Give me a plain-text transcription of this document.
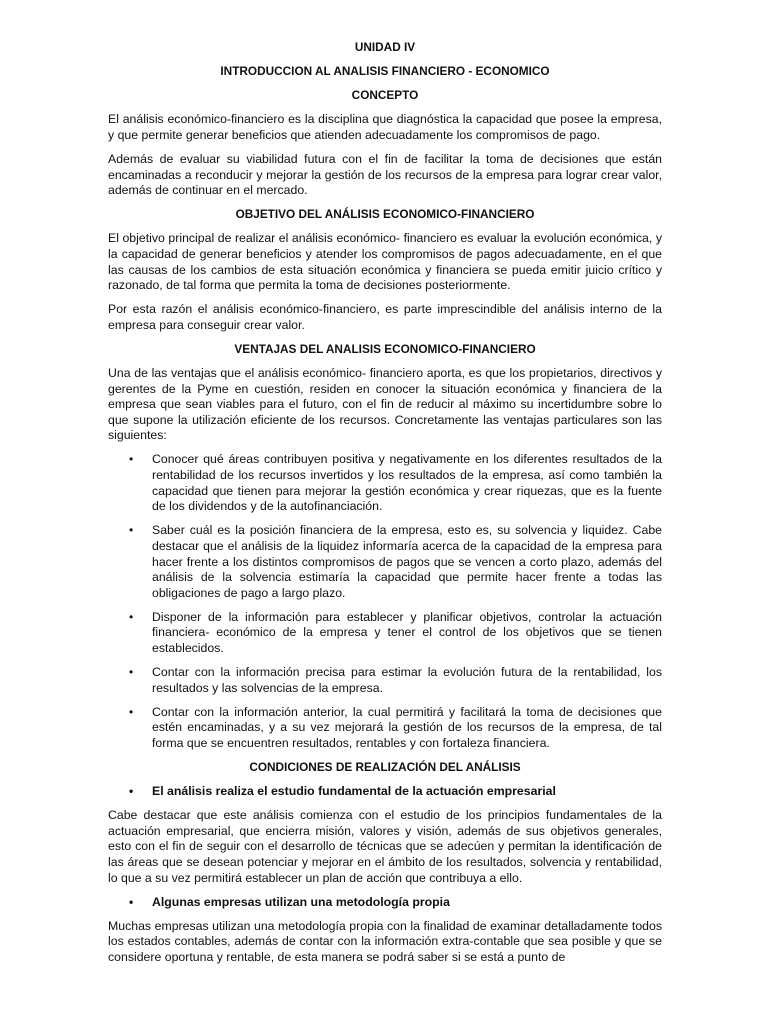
UNIDAD IV
INTRODUCCION AL ANALISIS FINANCIERO - ECONOMICO
CONCEPTO

El análisis económico-financiero es la disciplina que diagnóstica la capacidad que posee la empresa, y que permite generar beneficios que atienden adecuadamente los compromisos de pago.

Además de evaluar su viabilidad futura con el fin de facilitar la toma de decisiones que están encaminadas a reconducir y mejorar la gestión de los recursos de la empresa para lograr crear valor, además de continuar en el mercado.

OBJETIVO DEL ANÁLISIS ECONOMICO-FINANCIERO

El objetivo principal de realizar el análisis económico- financiero es evaluar la evolución económica, y la capacidad de generar beneficios y atender los compromisos de pagos adecuadamente, en el que las causas de los cambios de esta situación económica y financiera se pueda emitir juicio crítico y razonado, de tal forma que permita la toma de decisiones posteriormente.

Por esta razón el análisis económico-financiero, es parte imprescindible del análisis interno de la empresa para conseguir crear valor.

VENTAJAS DEL ANALISIS ECONOMICO-FINANCIERO

Una de las ventajas que el análisis económico- financiero aporta, es que los propietarios, directivos y gerentes de la Pyme en cuestión, residen en conocer la situación económica y financiera de la empresa que sean viables para el futuro, con el fin de reducir al máximo su incertidumbre sobre lo que supone la utilización eficiente de los recursos. Concretamente las ventajas particulares son las siguientes:

• Conocer qué áreas contribuyen positiva y negativamente en los diferentes resultados de la rentabilidad de los recursos invertidos y los resultados de la empresa, así como también la capacidad que tienen para mejorar la gestión económica y crear riquezas, que es la fuente de los dividendos y de la autofinanciación.
• Saber cuál es la posición financiera de la empresa, esto es, su solvencia y liquidez. Cabe destacar que el análisis de la liquidez informaría acerca de la capacidad de la empresa para hacer frente a los distintos compromisos de pagos que se vencen a corto plazo, además del análisis de la solvencia estimaría la capacidad que permite hacer frente a todas las obligaciones de pago a largo plazo.
• Disponer de la información para establecer y planificar objetivos, controlar la actuación financiera- económico de la empresa y tener el control de los objetivos que se tienen establecidos.
• Contar con la información precisa para estimar la evolución futura de la rentabilidad, los resultados y las solvencias de la empresa.
• Contar con la información anterior, la cual permitirá y facilitará la toma de decisiones que estén encaminadas, y a su vez mejorará la gestión de los recursos de la empresa, de tal forma que se encuentren resultados, rentables y con fortaleza financiera.
CONDICIONES DE REALIZACIÓN DEL ANÁLISIS
• El análisis realiza el estudio fundamental de la actuación empresarial

Cabe destacar que este análisis comienza con el estudio de los principios fundamentales de la actuación empresarial, que encierra misión, valores y visión, además de sus objetivos generales, esto con el fin de seguir con el desarrollo de técnicas que se adecúen y permitan la identificación de las áreas que se desean potenciar y mejorar en el ámbito de los resultados, solvencia y rentabilidad, lo que a su vez permitirá establecer un plan de acción que contribuya a ello.

• Algunas empresas utilizan una metodología propia

Muchas empresas utilizan una metodología propia con la finalidad de examinar detalladamente todos los estados contables, además de contar con la información extra-contable que sea posible y que se considere oportuna y rentable, de esta manera se podrá saber si se está a punto de
